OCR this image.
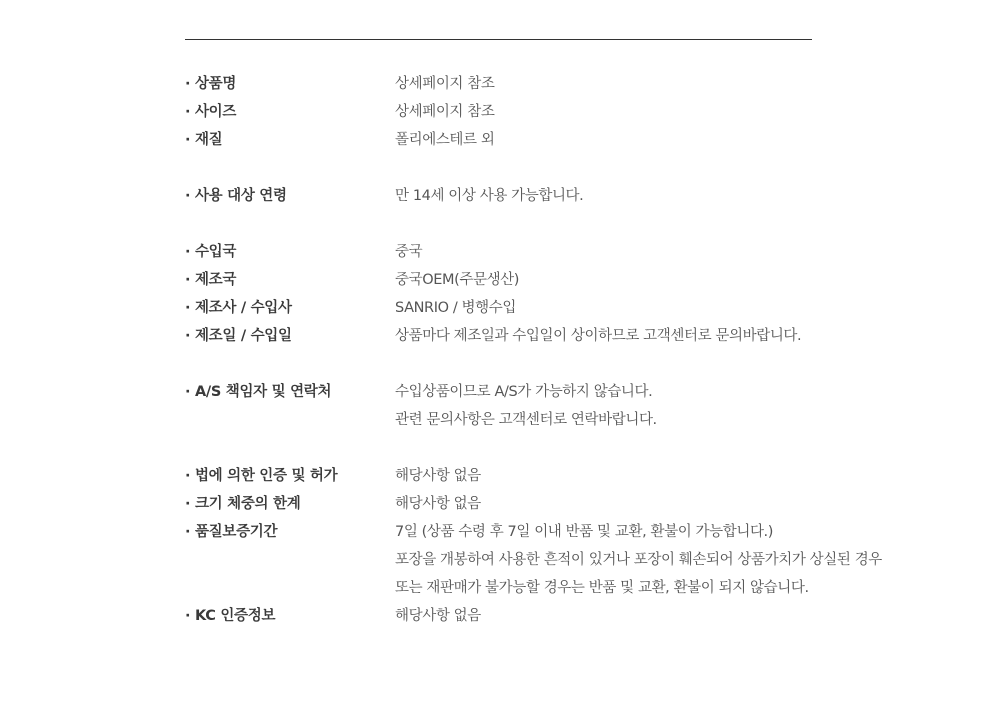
· 상품명	상세페이지 참조
· 사이즈	상세페이지 참조
· 재질	폴리에스테르 외
· 사용 대상 연령	만 14세 이상 사용 가능합니다.
· 수입국	중국
· 제조국	중국OEM(주문생산)
· 제조사 / 수입사	SANRIO / 병행수입
· 제조일 / 수입일	상품마다 제조일과 수입일이 상이하므로 고객센터로 문의바랍니다.
· A/S 책임자 및 연락처	수입상품이므로 A/S가 가능하지 않습니다.
관련 문의사항은 고객센터로 연락바랍니다.
· 법에 의한 인증 및 허가	해당사항 없음
· 크기 체중의 한계	해당사항 없음
· 품질보증기간	7일 (상품 수령 후 7일 이내 반품 및 교환, 환불이 가능합니다.)
포장을 개봉하여 사용한 흔적이 있거나 포장이 훼손되어 상품가치가 상실된 경우
또는 재판매가 불가능할 경우는 반품 및 교환, 환불이 되지 않습니다.
· KC 인증정보	해당사항 없음
